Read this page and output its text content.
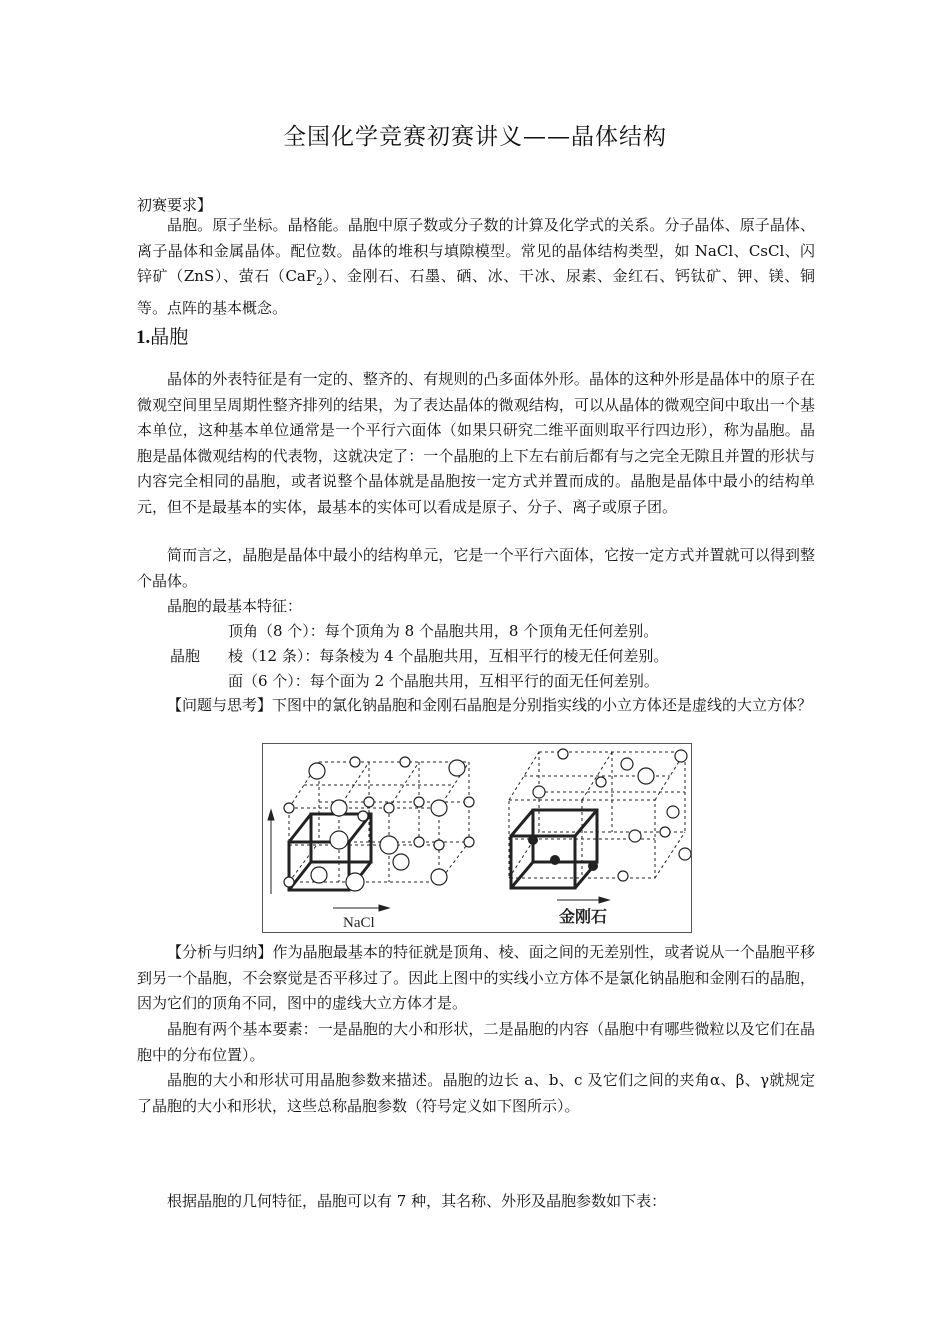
全国化学竞赛初赛讲义——晶体结构
初赛要求】
晶胞。原子坐标。晶格能。晶胞中原子数或分子数的计算及化学式的关系。分子晶体、原子晶体、离子晶体和金属晶体。配位数。晶体的堆积与填隙模型。常见的晶体结构类型，如 NaCl、CsCl、闪锌矿（ZnS）、萤石（CaF$_2$）、金刚石、石墨、硒、冰、干冰、尿素、金红石、钙钛矿、钾、镁、铜等。点阵的基本概念。
1.晶胞
晶体的外表特征是有一定的、整齐的、有规则的凸多面体外形。晶体的这种外形是晶体中的原子在微观空间里呈周期性整齐排列的结果，为了表达晶体的微观结构，可以从晶体的微观空间中取出一个基本单位，这种基本单位通常是一个平行六面体（如果只研究二维平面则取平行四边形），称为晶胞。晶胞是晶体微观结构的代表物，这就决定了：一个晶胞的上下左右前后都有与之完全无隙且并置的形状与内容完全相同的晶胞，或者说整个晶体就是晶胞按一定方式并置而成的。晶胞是晶体中最小的结构单元，但不是最基本的实体，最基本的实体可以看成是原子、分子、离子或原子团。
简而言之，晶胞是晶体中最小的结构单元，它是一个平行六面体，它按一定方式并置就可以得到整个晶体。
晶胞的最基本特征：
顶角（8 个）：每个顶角为 8 个晶胞共用，8 个顶角无任何差别。
晶胞 棱（12 条）：每条棱为 4 个晶胞共用，互相平行的棱无任何差别。
面（6 个）：每个面为 2 个晶胞共用，互相平行的面无任何差别。
【问题与思考】下图中的氯化钠晶胞和金刚石晶胞是分别指实线的小立方体还是虚线的大立方体？
NaCl	金刚石
【分析与归纳】作为晶胞最基本的特征就是顶角、棱、面之间的无差别性，或者说从一个晶胞平移到另一个晶胞，不会察觉是否平移过了。因此上图中的实线小立方体不是氯化钠晶胞和金刚石的晶胞，因为它们的顶角不同，图中的虚线大立方体才是。
晶胞有两个基本要素：一是晶胞的大小和形状，二是晶胞的内容（晶胞中有哪些微粒以及它们在晶胞中的分布位置）。
晶胞的大小和形状可用晶胞参数来描述。晶胞的边长 a、b、c 及它们之间的夹角α、β、γ就规定了晶胞的大小和形状，这些总称晶胞参数（符号定义如下图所示）。
根据晶胞的几何特征，晶胞可以有 7 种，其名称、外形及晶胞参数如下表：
